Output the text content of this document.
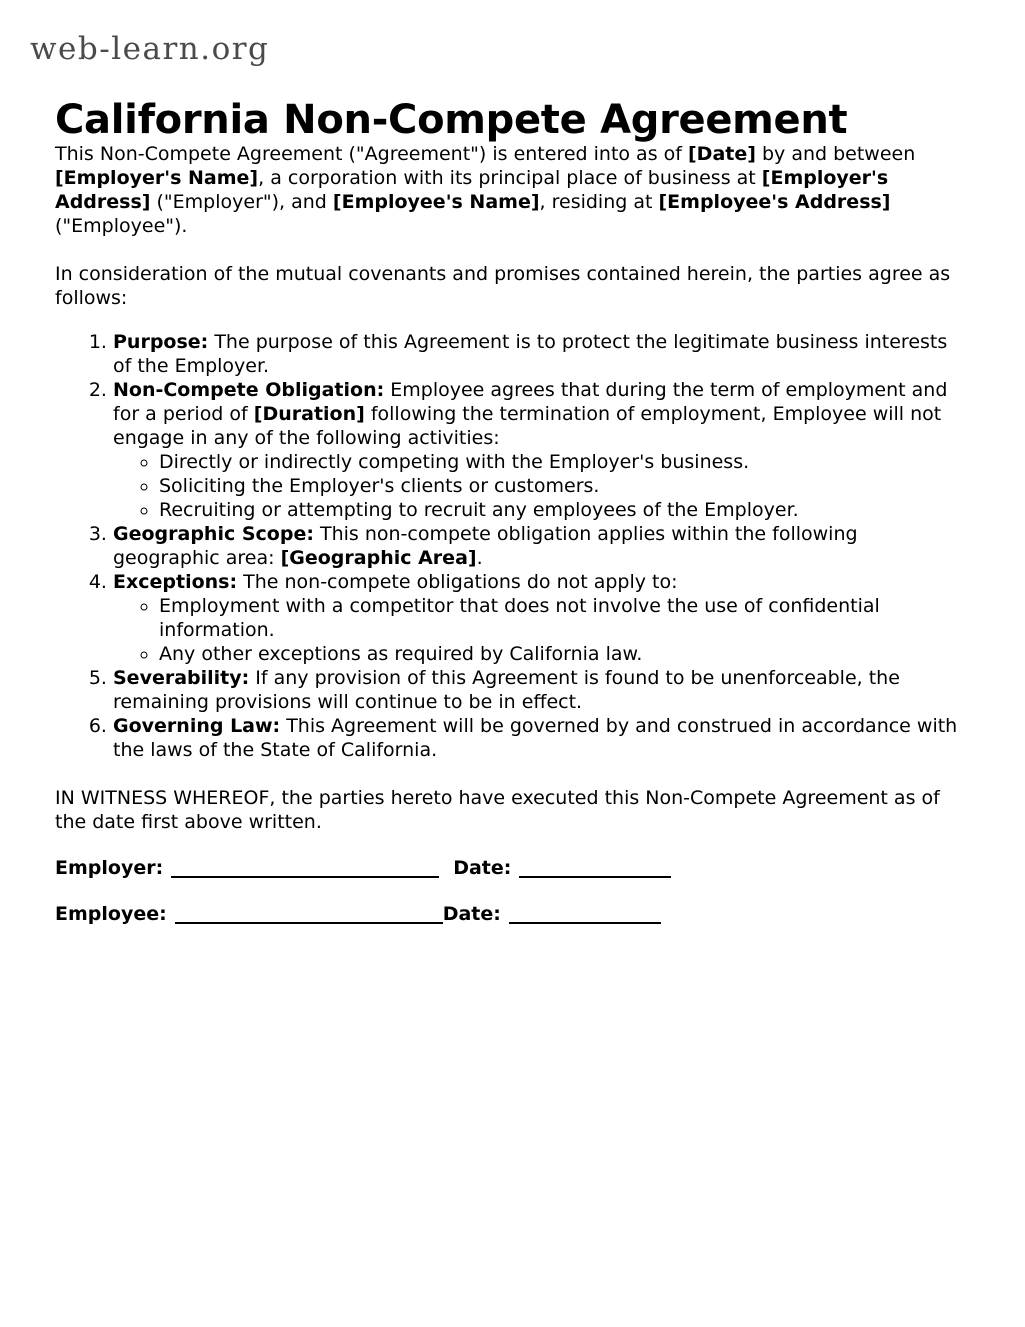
web-learn.org
California Non-Compete Agreement

This Non-Compete Agreement ("Agreement") is entered into as of [Date] by and between [Employer's Name], a corporation with its principal place of business at [Employer's Address] ("Employer"), and [Employee's Name], residing at [Employee's Address] ("Employee").

In consideration of the mutual covenants and promises contained herein, the parties agree as follows:

1. Purpose: The purpose of this Agreement is to protect the legitimate business interests of the Employer.
2. Non-Compete Obligation: Employee agrees that during the term of employment and for a period of [Duration] following the termination of employment, Employee will not engage in any of the following activities:
◦ Directly or indirectly competing with the Employer's business.
◦ Soliciting the Employer's clients or customers.
◦ Recruiting or attempting to recruit any employees of the Employer.
3. Geographic Scope: This non-compete obligation applies within the following geographic area: [Geographic Area].
4. Exceptions: The non-compete obligations do not apply to:
◦ Employment with a competitor that does not involve the use of confidential information.
◦ Any other exceptions as required by California law.
5. Severability: If any provision of this Agreement is found to be unenforceable, the remaining provisions will continue to be in effect.
6. Governing Law: This Agreement will be governed by and construed in accordance with the laws of the State of California.

IN WITNESS WHEREOF, the parties hereto have executed this Non-Compete Agreement as of the date first above written.

Employer:	Date:
Employee:	Date:
